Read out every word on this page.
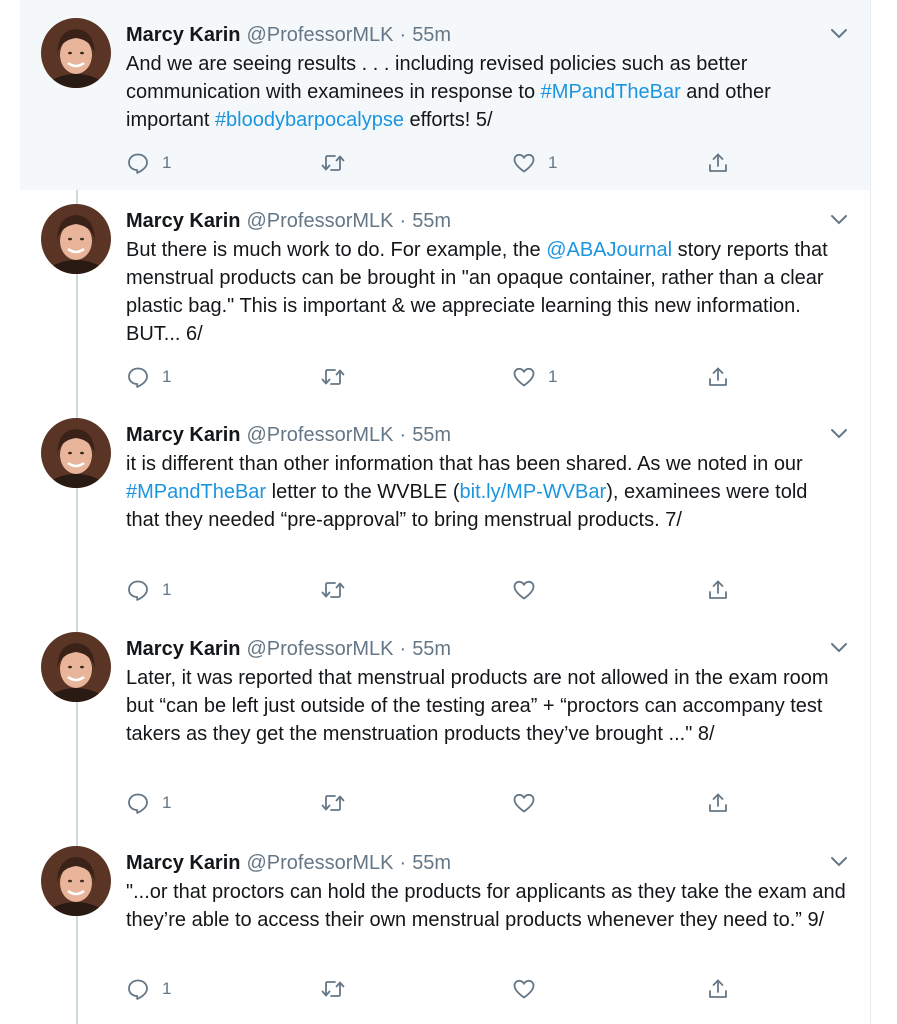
Marcy Karin @ProfessorMLK · 55m
And we are seeing results . . . including revised policies such as better communication with examinees in response to #MPandTheBar and other important #bloodybarpocalypse efforts! 5/
1	1
Marcy Karin @ProfessorMLK · 55m
But there is much work to do. For example, the @ABAJournal story reports that menstrual products can be brought in "an opaque container, rather than a clear plastic bag." This is important & we appreciate learning this new information. BUT... 6/
1	1
Marcy Karin @ProfessorMLK · 55m
it is different than other information that has been shared. As we noted in our #MPandTheBar letter to the WVBLE (bit.ly/MP-WVBar), examinees were told that they needed “pre-approval” to bring menstrual products. 7/
1
Marcy Karin @ProfessorMLK · 55m
Later, it was reported that menstrual products are not allowed in the exam room but “can be left just outside of the testing area” + “proctors can accompany test takers as they get the menstruation products they’ve brought ..." 8/
1
Marcy Karin @ProfessorMLK · 55m
"...or that proctors can hold the products for applicants as they take the exam and they’re able to access their own menstrual products whenever they need to.” 9/
1
